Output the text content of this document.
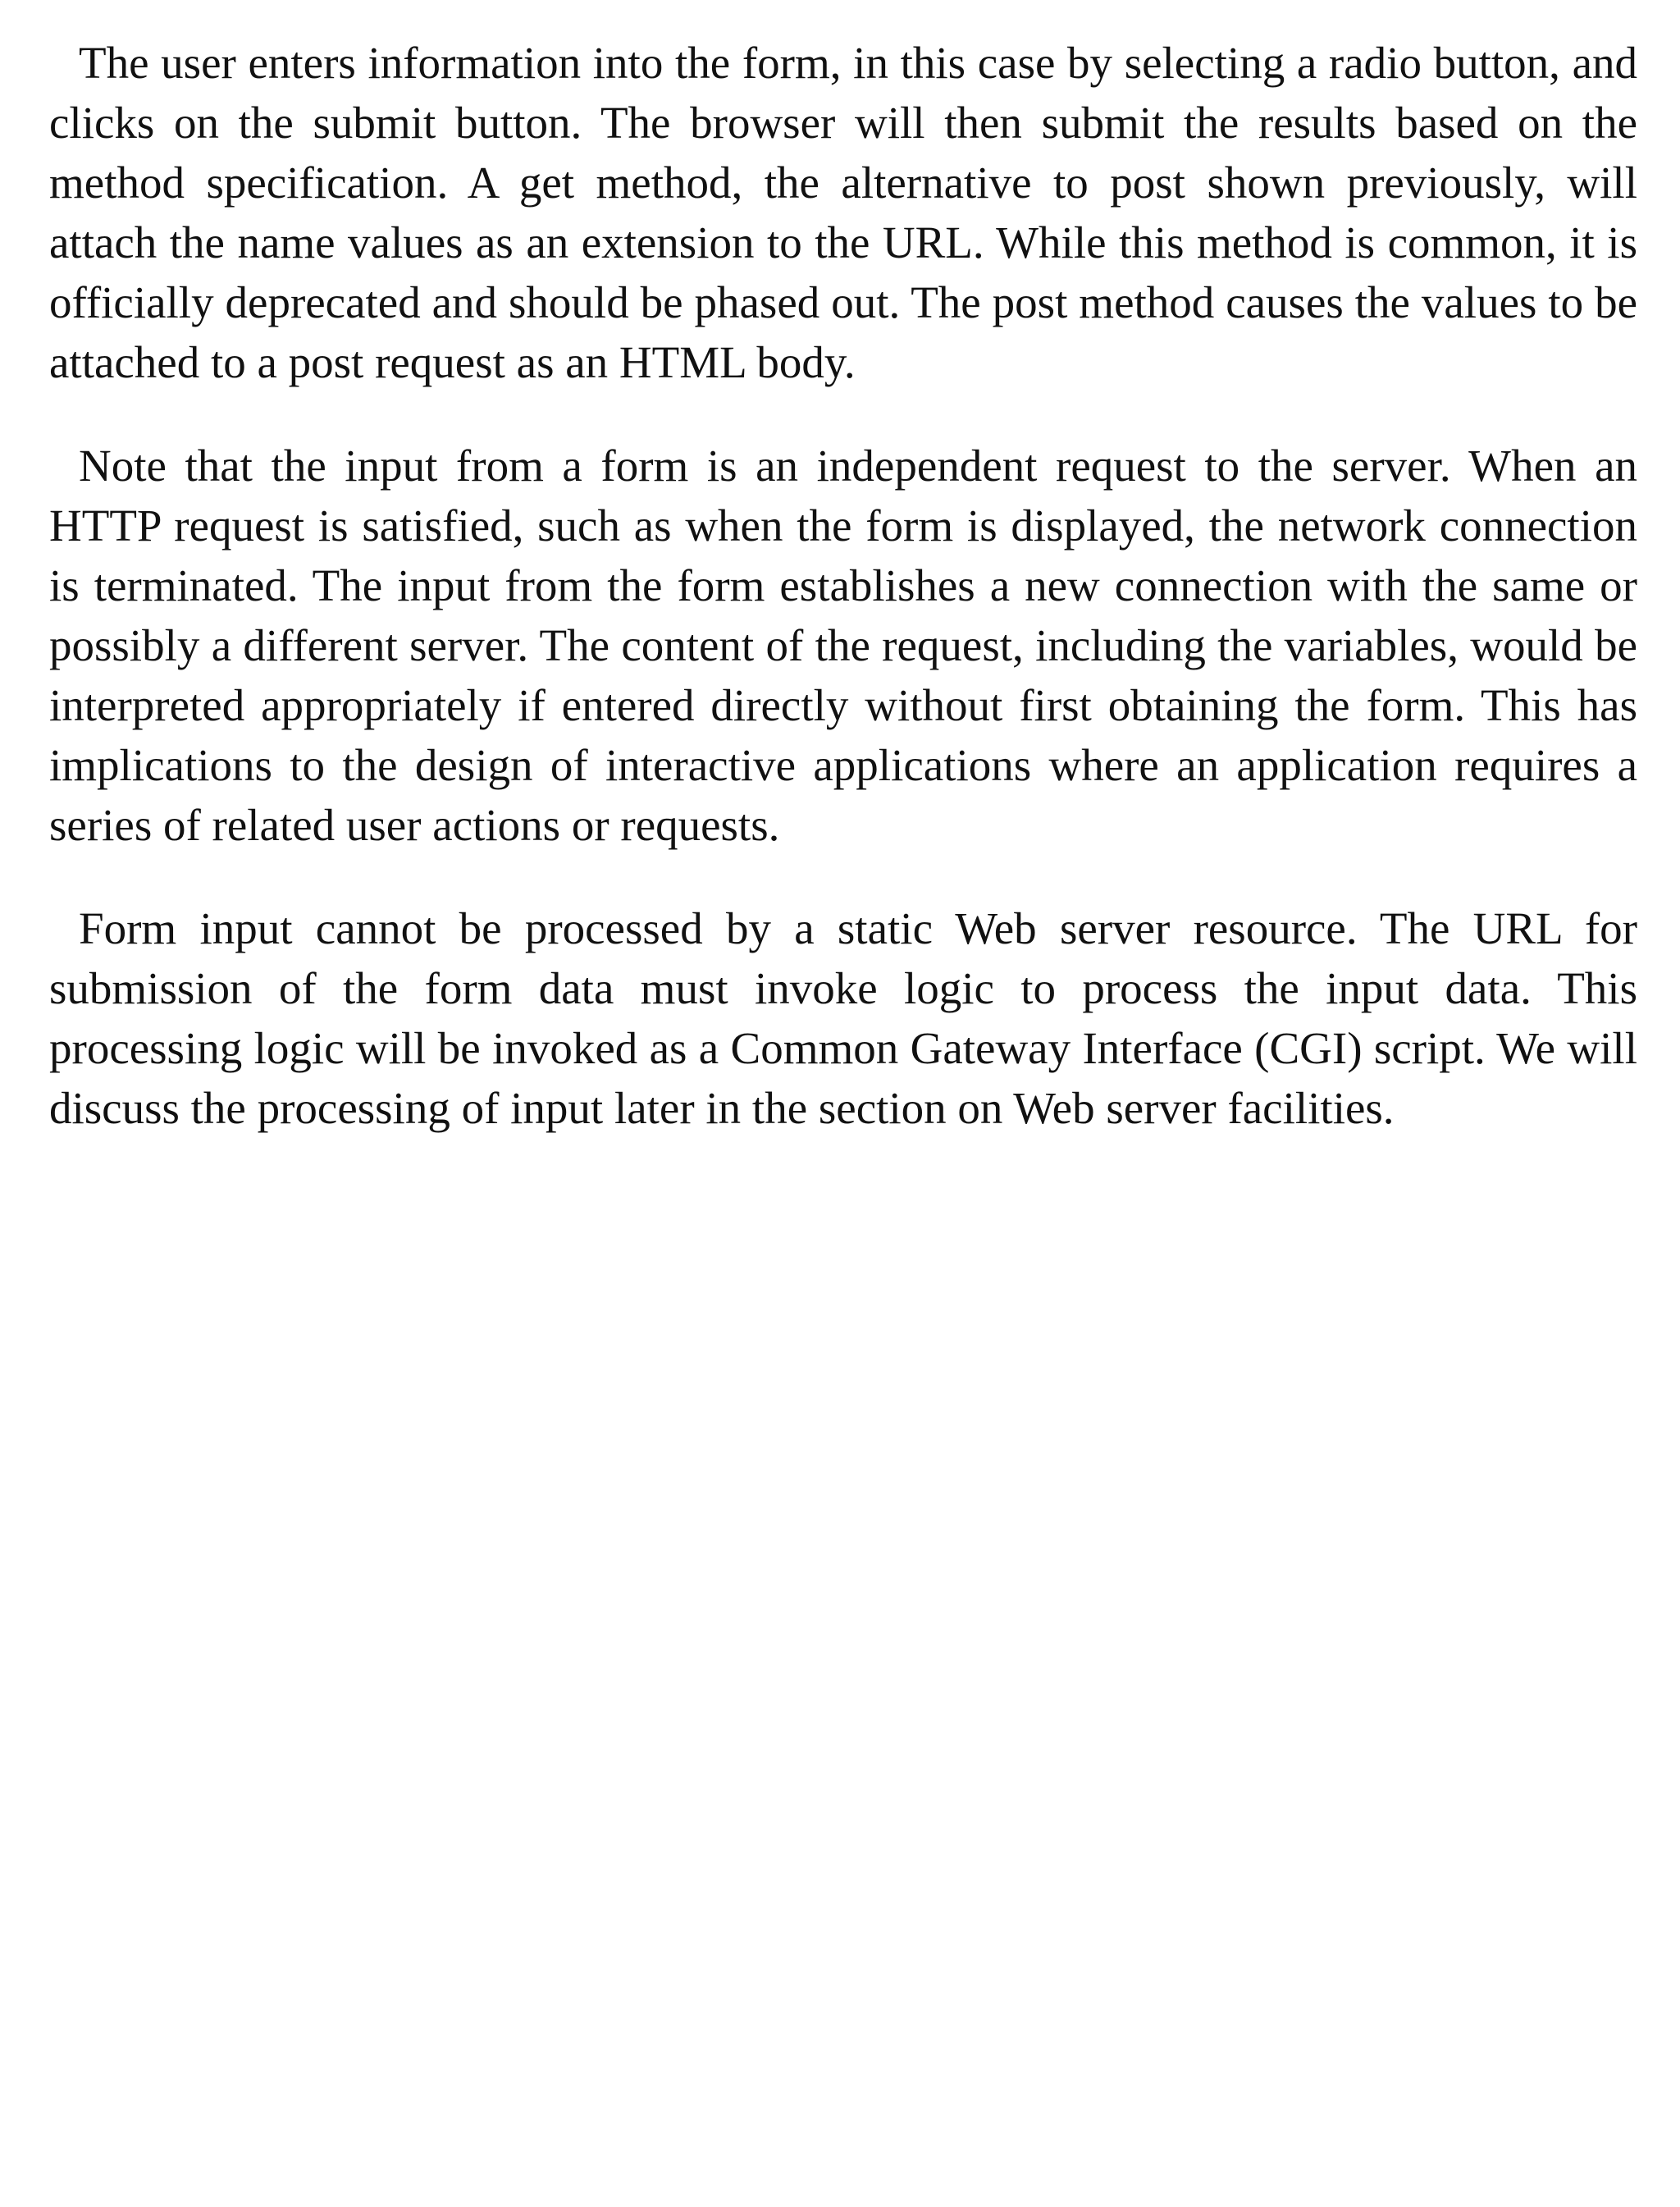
The user enters information into the form, in this case by selecting a radio button, and clicks on the submit button. The browser will then submit the results based on the method specification. A get method, the alternative to post shown previously, will attach the name values as an extension to the URL. While this method is common, it is officially deprecated and should be phased out. The post method causes the values to be attached to a post request as an HTML body.

Note that the input from a form is an independent request to the server. When an HTTP request is satisfied, such as when the form is displayed, the network connection is terminated. The input from the form establishes a new connection with the same or possibly a different server. The content of the request, including the variables, would be interpreted appropriately if entered directly without first obtaining the form. This has implications to the design of interactive applications where an application requires a series of related user actions or requests.

Form input cannot be processed by a static Web server resource. The URL for submission of the form data must invoke logic to process the input data. This processing logic will be invoked as a Common Gateway Interface (CGI) script. We will discuss the processing of input later in the section on Web server facilities.
